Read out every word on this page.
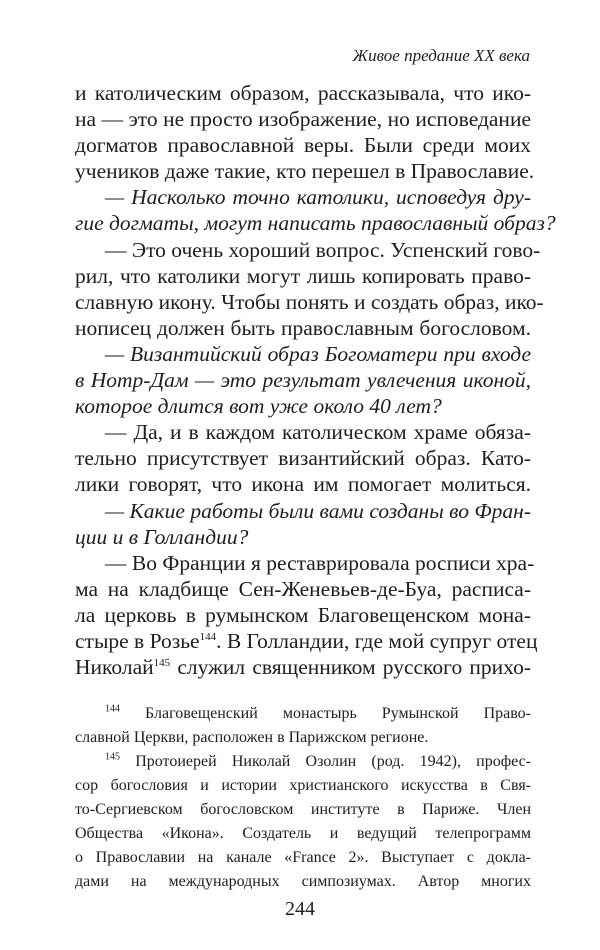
Живое предание XX века
и католическим образом, рассказывала, что ико-
на — это не просто изображение, но исповедание
догматов православной веры. Были среди моих
учеников даже такие, кто перешел в Православие.
— Насколько точно католики, исповедуя дру-
гие догматы, могут написать православный образ?
— Это очень хороший вопрос. Успенский гово-
рил, что католики могут лишь копировать право-
славную икону. Чтобы понять и создать образ, ико-
нописец должен быть православным богословом.
— Византийский образ Богоматери при входе
в Нотр-Дам — это результат увлечения иконой,
которое длится вот уже около 40 лет?
— Да, и в каждом католическом храме обяза-
тельно присутствует византийский образ. Като-
лики говорят, что икона им помогает молиться.
— Какие работы были вами созданы во Фран-
ции и в Голландии?
— Во Франции я реставрировала росписи хра-
ма на кладбище Сен-Женевьев-де-Буа, расписа-
ла церковь в румынском Благовещенском мона-
стыре в Розье$^{144}$. В Голландии, где мой супруг отец
Николай$^{145}$ служил священником русского прихо-
$^{144}$ Благовещенский монастырь Румынской Право-
славной Церкви, расположен в Парижском регионе.
$^{145}$ Протоиерей Николай Озолин (род. 1942), профес-
сор богословия и истории христианского искусства в Свя-
то-Сергиевском богословском институте в Париже. Член
Общества «Икона». Создатель и ведущий телепрограмм
о Православии на канале «France 2». Выступает с докла-
дами на международных симпозиумах. Автор многих
244
